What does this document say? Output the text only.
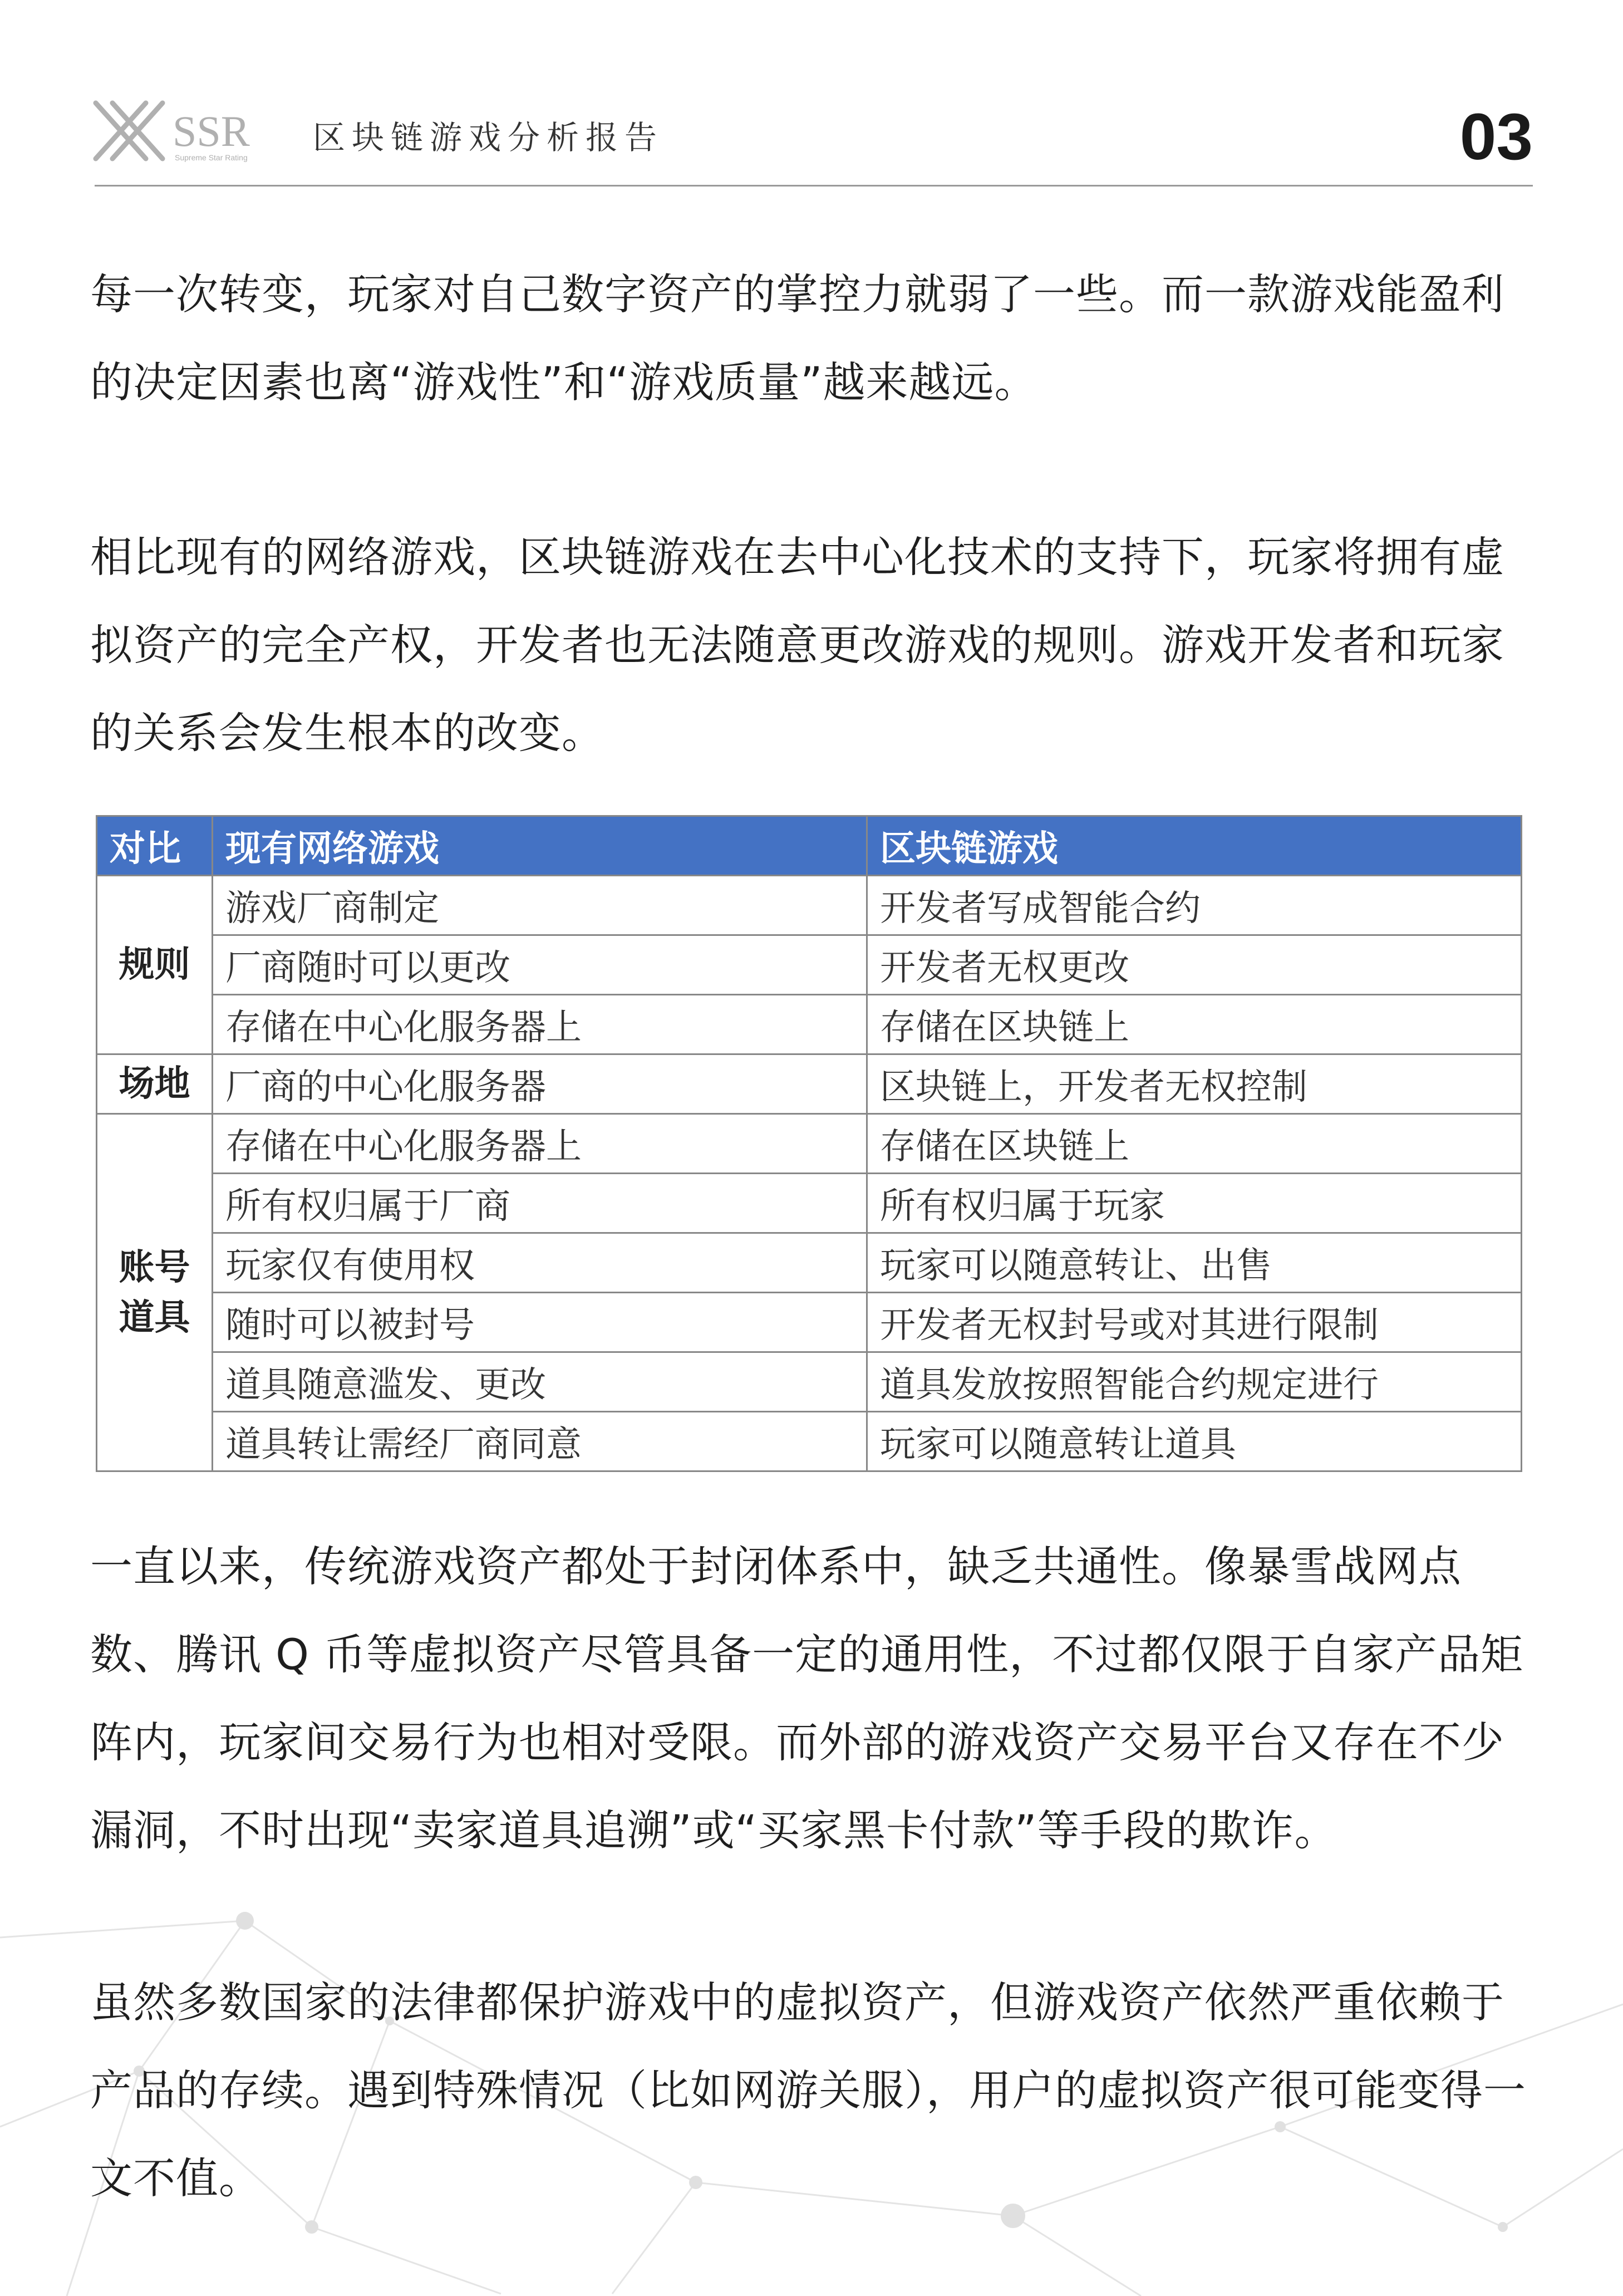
SSR
Supreme Star Rating
区块链游戏分析报告	03

每一次转变，玩家对自己数字资产的掌控力就弱了一些。而一款游戏能盈利的决定因素也离“游戏性”和“游戏质量”越来越远。

相比现有的网络游戏，区块链游戏在去中心化技术的支持下，玩家将拥有虚拟资产的完全产权，开发者也无法随意更改游戏的规则。游戏开发者和玩家的关系会发生根本的改变。

对比	现有网络游戏	区块链游戏
规则	游戏厂商制定	开发者写成智能合约
	厂商随时可以更改	开发者无权更改
	存储在中心化服务器上	存储在区块链上
场地	厂商的中心化服务器	区块链上，开发者无权控制

账号道具	存储在中心化服务器上	存储在区块链上
	所有权归属于厂商	所有权归属于玩家
	玩家仅有使用权	玩家可以随意转让、出售
	随时可以被封号	开发者无权封号或对其进行限制
	道具随意滥发、更改	道具发放按照智能合约规定进行
	道具转让需经厂商同意	玩家可以随意转让道具

一直以来，传统游戏资产都处于封闭体系中，缺乏共通性。像暴雪战网点数、腾讯 Q 币等虚拟资产尽管具备一定的通用性，不过都仅限于自家产品矩阵内，玩家间交易行为也相对受限。而外部的游戏资产交易平台又存在不少漏洞，不时出现“卖家道具追溯”或“买家黑卡付款”等手段的欺诈。

虽然多数国家的法律都保护游戏中的虚拟资产，但游戏资产依然严重依赖于产品的存续。遇到特殊情况（比如网游关服），用户的虚拟资产很可能变得一文不值。
